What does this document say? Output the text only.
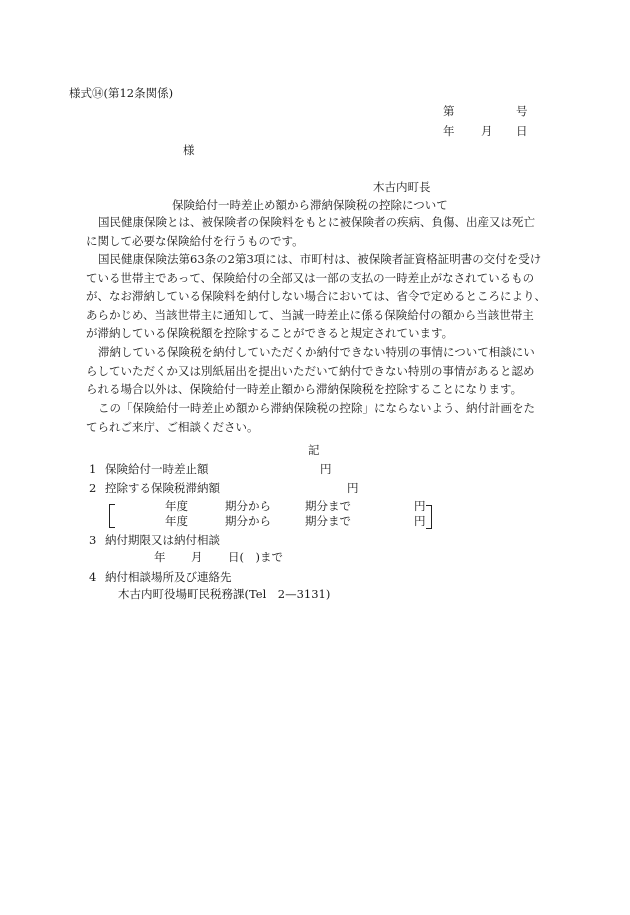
様式⑭(第12条関係)
第	号
年 月 日
様
木古内町長
保険給付一時差止め額から滞納保険税の控除について
国民健康保険とは、被保険者の保険料をもとに被保険者の疾病、負傷、出産又は死亡
に関して必要な保険給付を行うものです。
国民健康保険法第63条の2第3項には、市町村は、被保険者証資格証明書の交付を受け
ている世帯主であって、保険給付の全部又は一部の支払の一時差止がなされているもの
が、なお滞納している保険料を納付しない場合においては、省令で定めるところにより、
あらかじめ、当該世帯主に通知して、当誠一時差止に係る保険給付の額から当該世帯主
が滞納している保険税額を控除することができると規定されています。
滞納している保険税を納付していただくか納付できない特別の事情について相談にい
らしていただくか又は別紙届出を提出いただいて納付できない特別の事情があると認め
られる場合以外は、保険給付一時差止額から滞納保険税を控除することになります。
この「保険給付一時差止め額から滞納保険税の控除」にならないよう、納付計画をた
てられご来庁、ご相談ください。
記
1 保険給付一時差止額	円
2 控除する保険税滞納額	円
年度	期分から	期分まで	円
年度	期分から	期分まで	円
3 納付期限又は納付相談
年 月 日(　)まで
4 納付相談場所及び連絡先
木古内町役場町民税務課(Tel　2—3131)
